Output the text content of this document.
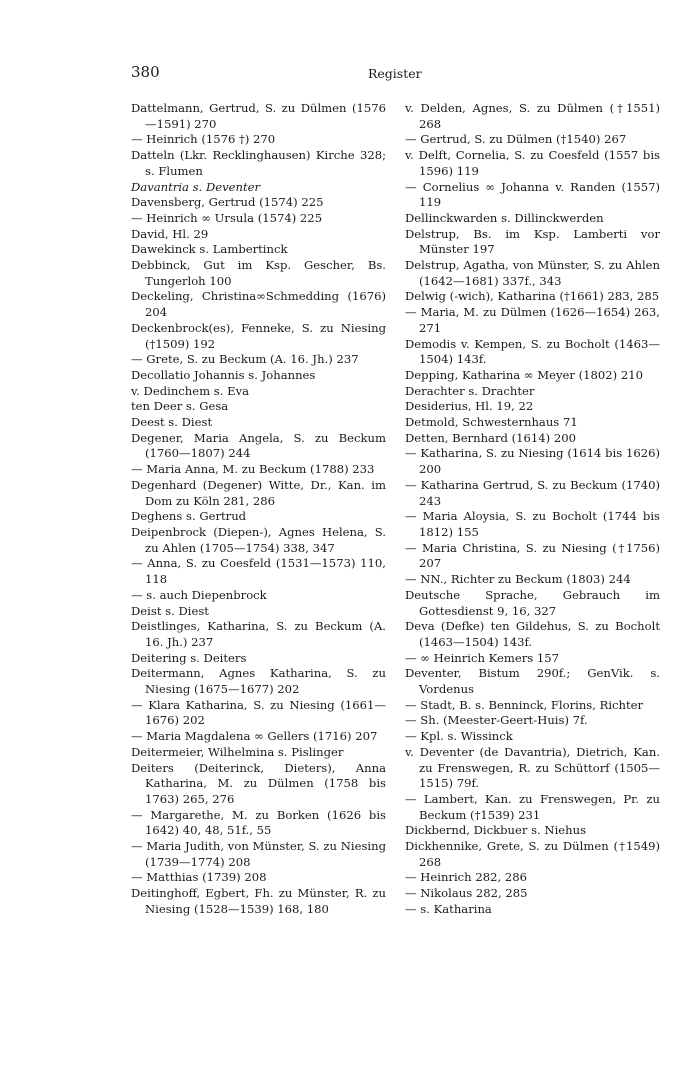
380	Register
Dattelmann, Gertrud, S. zu Dülmen (1576—1591) 270
— Heinrich (1576 †) 270
Datteln (Lkr. Recklinghausen) Kirche 328; s. Flumen
Davantria s. Deventer
Davensberg, Gertrud (1574) 225
— Heinrich ∞ Ursula (1574) 225
David, Hl. 29
Dawekinck s. Lambertinck
Debbinck, Gut im Ksp. Gescher, Bs. Tungerloh 100
Deckeling, Christina∞Schmedding (1676) 204
Deckenbrock(es), Fenneke, S. zu Niesing (†1509) 192
— Grete, S. zu Beckum (A. 16. Jh.) 237
Decollatio Johannis s. Johannes
v. Dedinchem s. Eva
ten Deer s. Gesa
Deest s. Diest
Degener, Maria Angela, S. zu Beckum (1760—1807) 244
— Maria Anna, M. zu Beckum (1788) 233
Degenhard (Degener) Witte, Dr., Kan. im Dom zu Köln 281, 286
Deghens s. Gertrud
Deipenbrock (Diepen-), Agnes Helena, S. zu Ahlen (1705—1754) 338, 347
— Anna, S. zu Coesfeld (1531—1573) 110, 118
— s. auch Diepenbrock
Deist s. Diest
Deistlinges, Katharina, S. zu Beckum (A. 16. Jh.) 237
Deitering s. Deiters
Deitermann, Agnes Katharina, S. zu Niesing (1675—1677) 202
— Klara Katharina, S. zu Niesing (1661—1676) 202
— Maria Magdalena ∞ Gellers (1716) 207
Deitermeier, Wilhelmina s. Pislinger
Deiters (Deiterinck, Dieters), Anna Katharina, M. zu Dülmen (1758 bis 1763) 265, 276
— Margarethe, M. zu Borken (1626 bis 1642) 40, 48, 51f., 55
— Maria Judith, von Münster, S. zu Niesing (1739—1774) 208
— Matthias (1739) 208
Deitinghoff, Egbert, Fh. zu Münster, R. zu Niesing (1528—1539) 168, 180
v. Delden, Agnes, S. zu Dülmen (†1551) 268
— Gertrud, S. zu Dülmen (†1540) 267
v. Delft, Cornelia, S. zu Coesfeld (1557 bis 1596) 119
— Cornelius ∞ Johanna v. Randen (1557) 119
Dellinckwarden s. Dillinckwerden
Delstrup, Bs. im Ksp. Lamberti vor Münster 197
Delstrup, Agatha, von Münster, S. zu Ahlen (1642—1681) 337f., 343
Delwig (-wich), Katharina (†1661) 283, 285
— Maria, M. zu Dülmen (1626—1654) 263, 271
Demodis v. Kempen, S. zu Bocholt (1463—1504) 143f.
Depping, Katharina ∞ Meyer (1802) 210
Derachter s. Drachter
Desiderius, Hl. 19, 22
Detmold, Schwesternhaus 71
Detten, Bernhard (1614) 200
— Katharina, S. zu Niesing (1614 bis 1626) 200
— Katharina Gertrud, S. zu Beckum (1740) 243
— Maria Aloysia, S. zu Bocholt (1744 bis 1812) 155
— Maria Christina, S. zu Niesing (†1756) 207
— NN., Richter zu Beckum (1803) 244
Deutsche Sprache, Gebrauch im Gottesdienst 9, 16, 327
Deva (Defke) ten Gildehus, S. zu Bocholt (1463—1504) 143f.
— ∞ Heinrich Kemers 157
Deventer, Bistum 290f.; GenVik. s. Vordenus
— Stadt, B. s. Benninck, Florins, Richter
— Sh. (Meester-Geert-Huis) 7f.
— Kpl. s. Wissinck
v. Deventer (de Davantria), Dietrich, Kan. zu Frenswegen, R. zu Schüttorf (1505—1515) 79f.
— Lambert, Kan. zu Frenswegen, Pr. zu Beckum (†1539) 231
Dickbernd, Dickbuer s. Niehus
Dickhennike, Grete, S. zu Dülmen (†1549) 268
— Heinrich 282, 286
— Nikolaus 282, 285
— s. Katharina
